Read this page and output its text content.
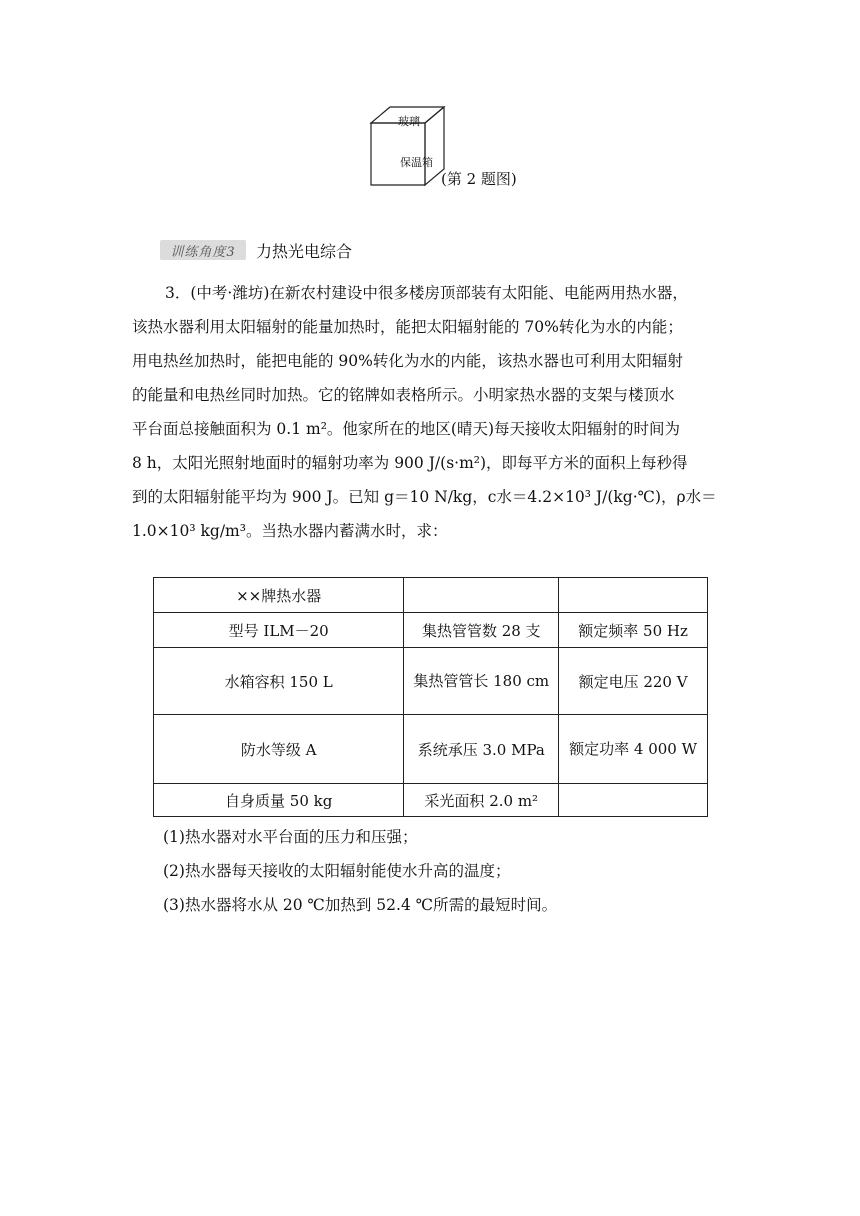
玻璃
保温箱
(第 2 题图)
训练角度3	力热光电综合
3．(中考·潍坊)在新农村建设中很多楼房顶部装有太阳能、电能两用热水器，
该热水器利用太阳辐射的能量加热时，能把太阳辐射能的 70%转化为水的内能；
用电热丝加热时，能把电能的 90%转化为水的内能，该热水器也可利用太阳辐射
的能量和电热丝同时加热。它的铭牌如表格所示。小明家热水器的支架与楼顶水
平台面总接触面积为 0.1 m²。他家所在的地区(晴天)每天接收太阳辐射的时间为
8 h，太阳光照射地面时的辐射功率为 900 J/(s·m²)，即每平方米的面积上每秒得
到的太阳辐射能平均为 900 J。已知 g＝10 N/kg，c水＝4.2×10³ J/(kg·℃)，ρ水＝
1.0×10³ kg/m³。当热水器内蓄满水时，求：
××牌热水器		
型号 ILM－20	集热管管数 28 支	额定频率 50 Hz
水箱容积 150 L	集热管管长 180 cm	额定电压 220 V
防水等级 A	系统承压 3.0 MPa	额定功率 4 000 W
自身质量 50 kg	采光面积 2.0 m²	
(1)热水器对水平台面的压力和压强；
(2)热水器每天接收的太阳辐射能使水升高的温度；
(3)热水器将水从 20 ℃加热到 52.4 ℃所需的最短时间。
